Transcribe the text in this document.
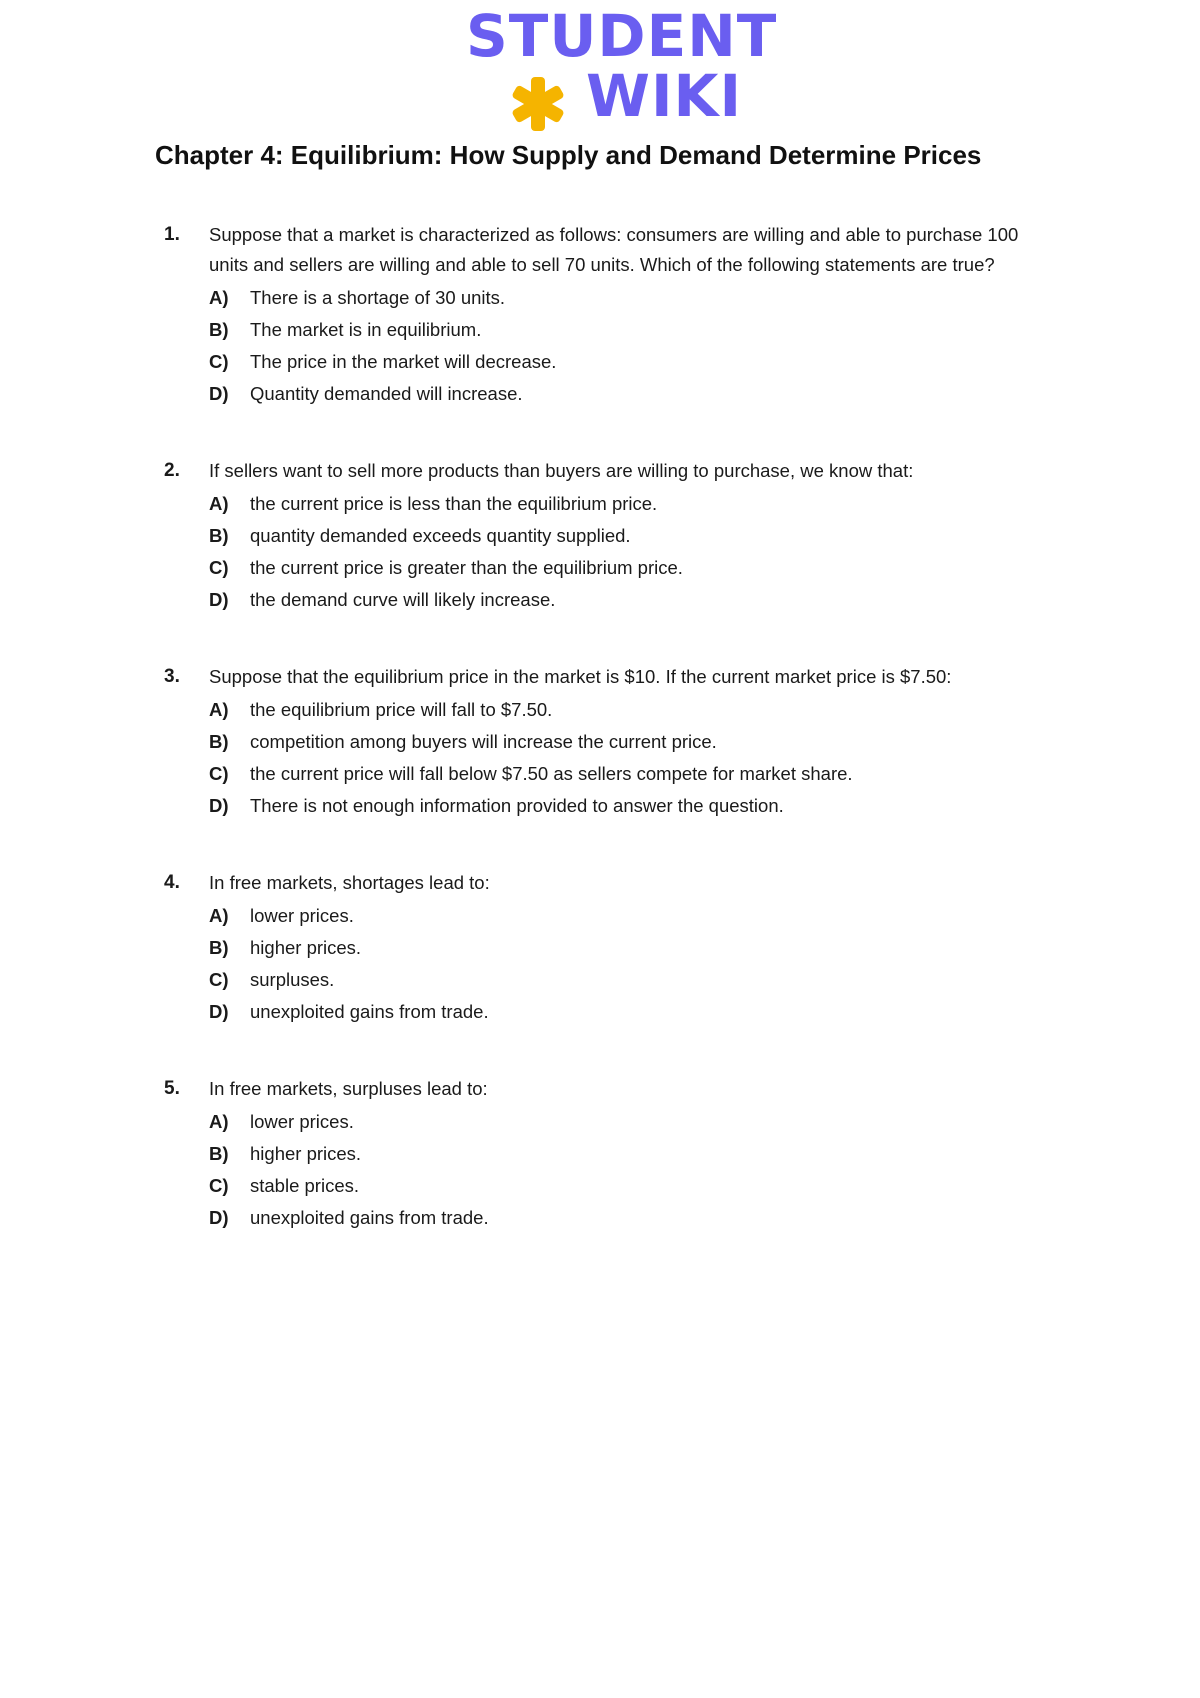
STUDENT
WIKI
Chapter 4: Equilibrium: How Supply and Demand Determine Prices
1. Suppose that a market is characterized as follows: consumers are willing and able to purchase 100 units and sellers are willing and able to sell 70 units. Which of the following statements are true?
A)	There is a shortage of 30 units.
B)	The market is in equilibrium.
C)	The price in the market will decrease.
D)	Quantity demanded will increase.
2. If sellers want to sell more products than buyers are willing to purchase, we know that:
A)	the current price is less than the equilibrium price.
B)	quantity demanded exceeds quantity supplied.
C)	the current price is greater than the equilibrium price.
D)	the demand curve will likely increase.
3. Suppose that the equilibrium price in the market is $10. If the current market price is $7.50:
A)	the equilibrium price will fall to $7.50.
B)	competition among buyers will increase the current price.
C)	the current price will fall below $7.50 as sellers compete for market share.
D)	There is not enough information provided to answer the question.
4. In free markets, shortages lead to:
A)	lower prices.
B)	higher prices.
C)	surpluses.
D)	unexploited gains from trade.
5. In free markets, surpluses lead to:
A)	lower prices.
B)	higher prices.
C)	stable prices.
D)	unexploited gains from trade.
